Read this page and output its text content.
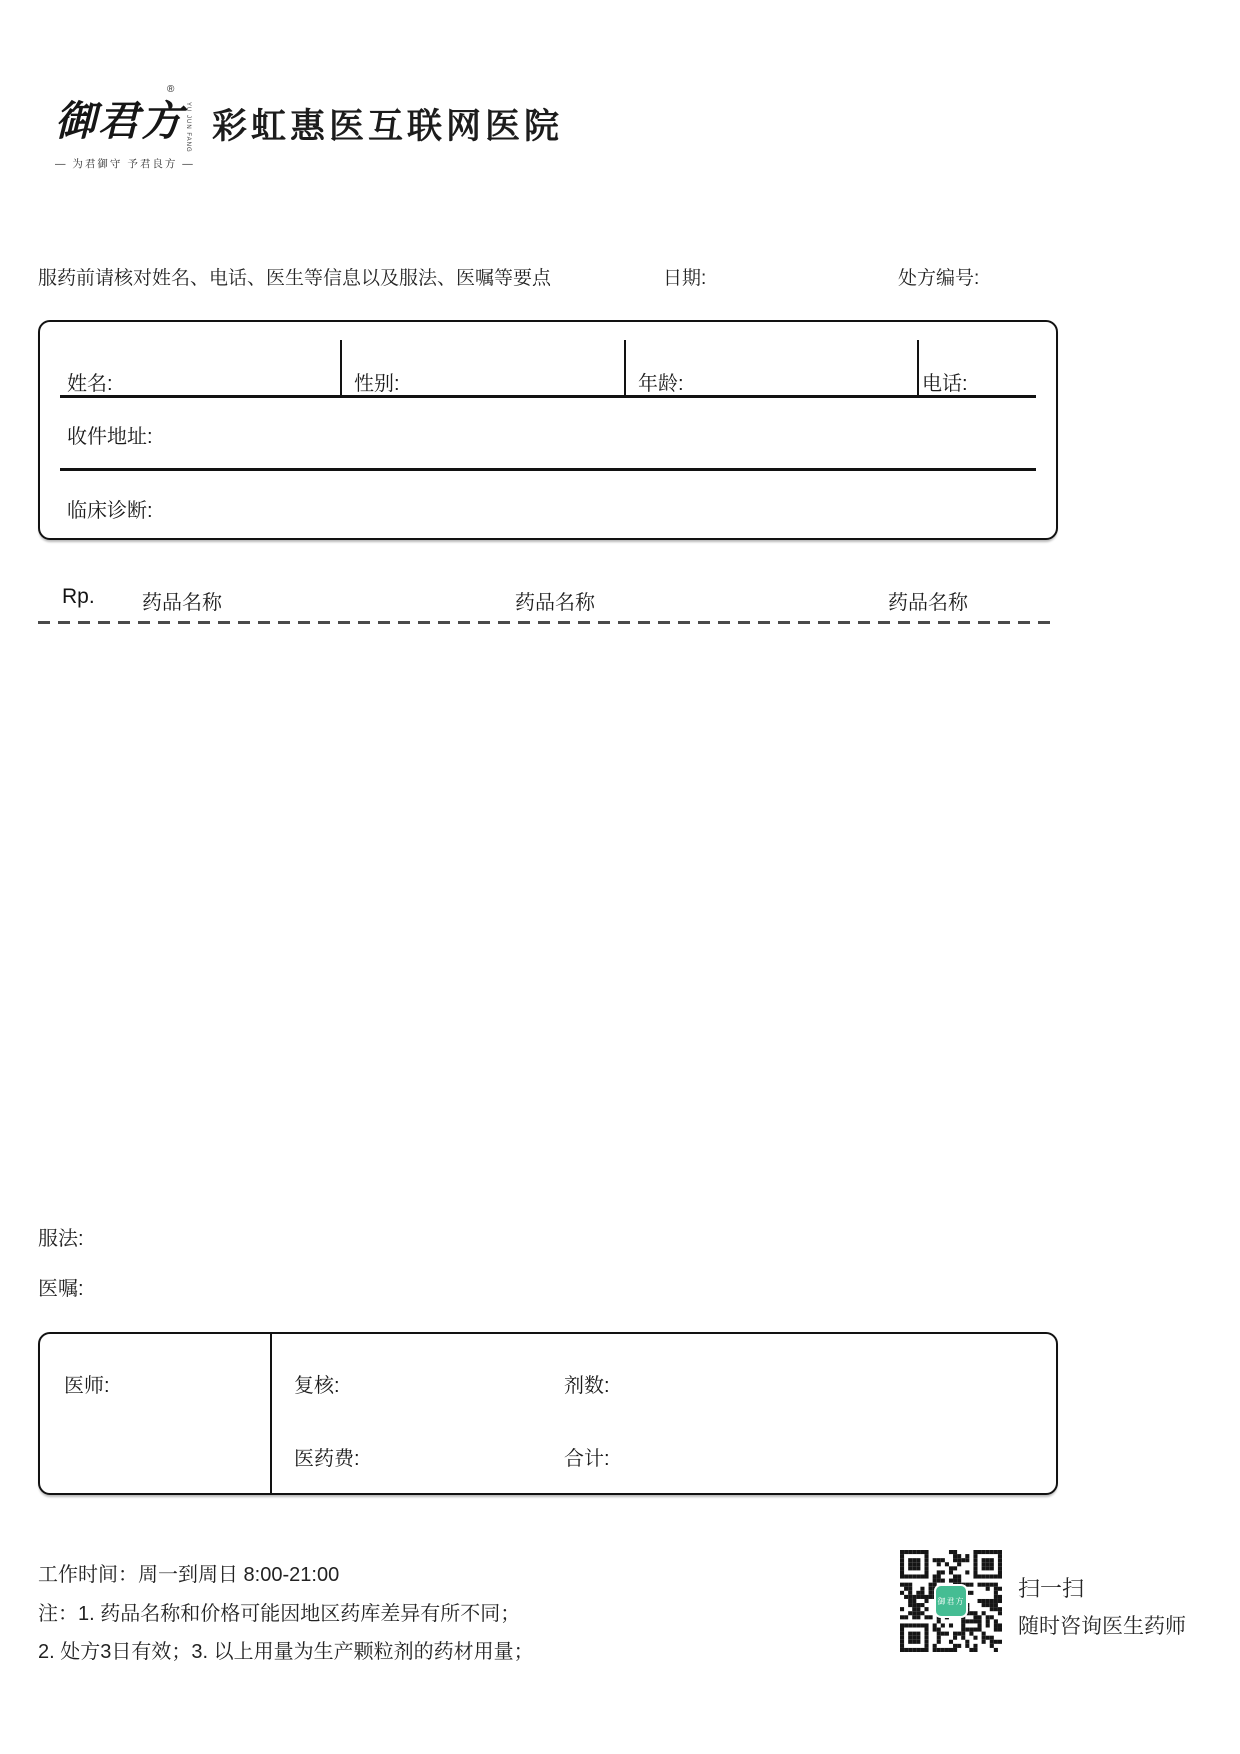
御君方
®
YU JUN FANG
— 为君御守 予君良方 —
彩虹惠医互联网医院
服药前请核对姓名、电话、医生等信息以及服法、医嘱等要点	日期:	处方编号:
姓名:	性别:	年龄:	电话:
收件地址:
临床诊断:
Rp. 药品名称	药品名称	药品名称
服法:
医嘱:
医师:	复核:	剂数:
医药费:	合计:
工作时间：周一到周日 8:00-21:00
注：1. 药品名称和价格可能因地区药库差异有所不同；
2. 处方3日有效；3. 以上用量为生产颗粒剂的药材用量；
御君方 扫一扫
随时咨询医生药师
